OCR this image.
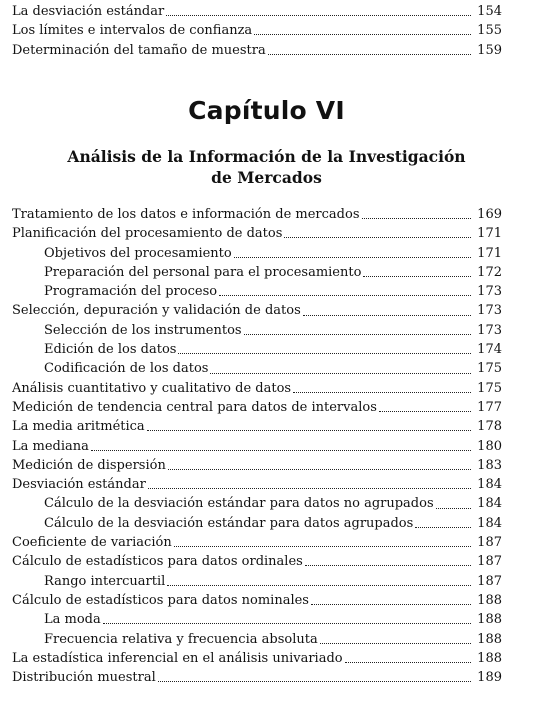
La desviación estándar	154
Los límites e intervalos de confianza	155
Determinación del tamaño de muestra	159
Capítulo VI
Análisis de la Información de la Investigación
de Mercados
Tratamiento de los datos e información de mercados	169
Planificación del procesamiento de datos	171
Objetivos del procesamiento	171
Preparación del personal para el procesamiento	172
Programación del proceso	173
Selección, depuración y validación de datos	173
Selección de los instrumentos	173
Edición de los datos	174
Codificación de los datos	175
Análisis cuantitativo y cualitativo de datos	175
Medición de tendencia central para datos de intervalos	177
La media aritmética	178
La mediana	180
Medición de dispersión	183
Desviación estándar	184
Cálculo de la desviación estándar para datos no agrupados	184
Cálculo de la desviación estándar para datos agrupados	184
Coeficiente de variación	187
Cálculo de estadísticos para datos ordinales	187
Rango intercuartil	187
Cálculo de estadísticos para datos nominales	188
La moda	188
Frecuencia relativa y frecuencia absoluta	188
La estadística inferencial en el análisis univariado	188
Distribución muestral	189
